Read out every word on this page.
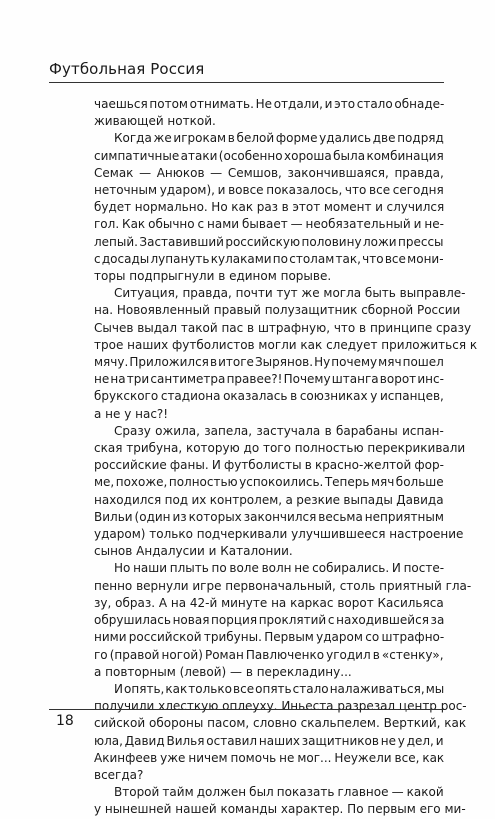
Футбольная Россия
чаешься потом отнимать. Не отдали, и это стало обнаде-
живающей ноткой.
Когда же игрокам в белой форме удались две подряд
симпатичные атаки (особенно хороша была комбинация
Семак — Анюков — Семшов, закончившаяся, правда,
неточным ударом), и вовсе показалось, что все сегодня
будет нормально. Но как раз в этот момент и случился
гол. Как обычно с нами бывает — необязательный и не-
лепый. Заставивший российскую половину ложи прессы
с досады лупануть кулаками по столам так, что все мони-
торы подпрыгнули в едином порыве.
Ситуация, правда, почти тут же могла быть выправле-
на. Новоявленный правый полузащитник сборной России
Сычев выдал такой пас в штрафную, что в принципе сразу
трое наших футболистов могли как следует приложиться к
мячу. Приложился в итоге Зырянов. Ну почему мяч пошел
не на три сантиметра правее?! Почему штанга ворот инс-
брукского стадиона оказалась в союзниках у испанцев,
а не у нас?!
Сразу ожила, запела, застучала в барабаны испан-
ская трибуна, которую до того полностью перекрикивали
российские фаны. И футболисты в красно-желтой фор-
ме, похоже, полностью успокоились. Теперь мяч больше
находился под их контролем, а резкие выпады Давида
Вильи (один из которых закончился весьма неприятным
ударом) только подчеркивали улучшившееся настроение
сынов Андалусии и Каталонии.
Но наши плыть по воле волн не собирались. И посте-
пенно вернули игре первоначальный, столь приятный гла-
зу, образ. А на 42-й минуте на каркас ворот Касильяса
обрушилась новая порция проклятий с находившейся за
ними российской трибуны. Первым ударом со штрафно-
го (правой ногой) Роман Павлюченко угодил в «стенку»,
а повторным (левой) — в перекладину...
И опять, как только все опять стало налаживаться, мы
получили хлесткую оплеуху. Иньеста разрезал центр рос-
сийской обороны пасом, словно скальпелем. Верткий, как
юла, Давид Вилья оставил наших защитников не у дел, и
Акинфеев уже ничем помочь не мог... Неужели все, как
всегда?
Второй тайм должен был показать главное — какой
у нынешней нашей команды характер. По первым его ми-
18
